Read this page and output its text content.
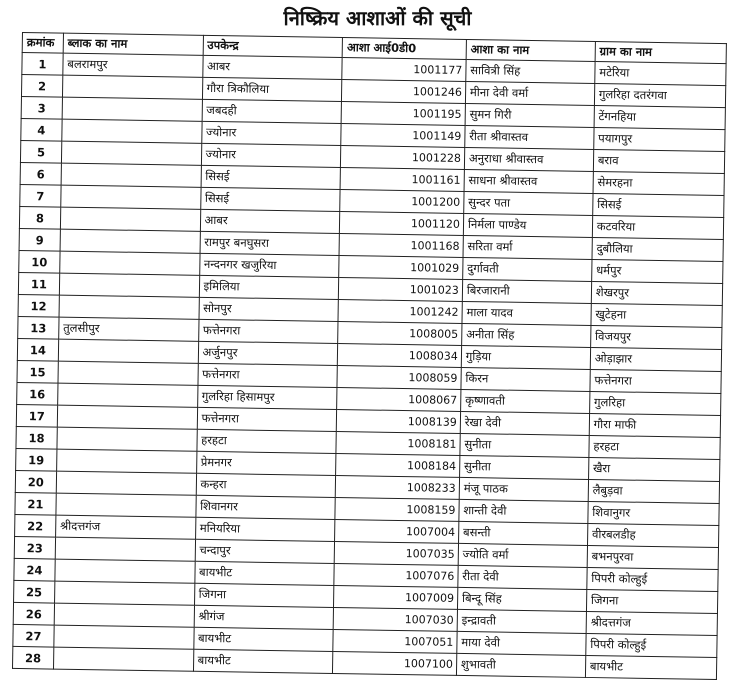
निष्क्रिय आशाओं की सूची
क्रमांक	ब्लाक का नाम	उपकेन्द्र	आशा आई0डी0	आशा का नाम	ग्राम का नाम
1	बलरामपुर	आबर	1001177	सावित्री सिंह	मटेरिया
2		गौरा त्रिकौलिया	1001246	मीना देवी वर्मा	गुलरिहा दतरंगवा
3		जबदही	1001195	सुमन गिरी	टेंगनहिया
4		ज्योनार	1001149	रीता श्रीवास्तव	पयागपुर
5		ज्योनार	1001228	अनुराधा श्रीवास्तव	बराव
6		सिसई	1001161	साधना श्रीवास्तव	सेमरहना
7		सिसई	1001200	सुन्दर पता	सिसई
8		आबर	1001120	निर्मला पाण्डेय	कटवरिया
9		रामपुर बनघुसरा	1001168	सरिता वर्मा	दुबौलिया
10		नन्दनगर खजुरिया	1001029	दुर्गावती	धर्मपुर
11		इमिलिया	1001023	बिरजारानी	शेखरपुर
12		सोनपुर	1001242	माला यादव	खुटेहना
13	तुलसीपुर	फत्तेनगरा	1008005	अनीता सिंह	विजयपुर
14		अर्जुनपुर	1008034	गुड़िया	ओड़ाझार
15		फत्तेनगरा	1008059	किरन	फत्तेनगरा
16		गुलरिहा हिसामपुर	1008067	कृष्णावती	गुलरिहा
17		फत्तेनगरा	1008139	रेखा देवी	गौरा माफी
18		हरहटा	1008181	सुनीता	हरहटा
19		प्रेमनगर	1008184	सुनीता	खैरा
20		कन्हरा	1008233	मंजू पाठक	लैबुड़वा
21		शिवानगर	1008159	शान्ती देवी	शिवानुगर
22	श्रीदत्तगंज	मनियरिया	1007004	बसन्ती	वीरबलडीह
23		चन्दापुर	1007035	ज्योति वर्मा	बभनपुरवा
24		बायभीट	1007076	रीता देवी	पिपरी कोल्हुई
25		जिगना	1007009	बिन्दू सिंह	जिगना
26		श्रीगंज	1007030	इन्द्रावती	श्रीदत्तगंज
27		बायभीट	1007051	माया देवी	पिपरी कोल्हुई
28		बायभीट	1007100	शुभावती	बायभीट
